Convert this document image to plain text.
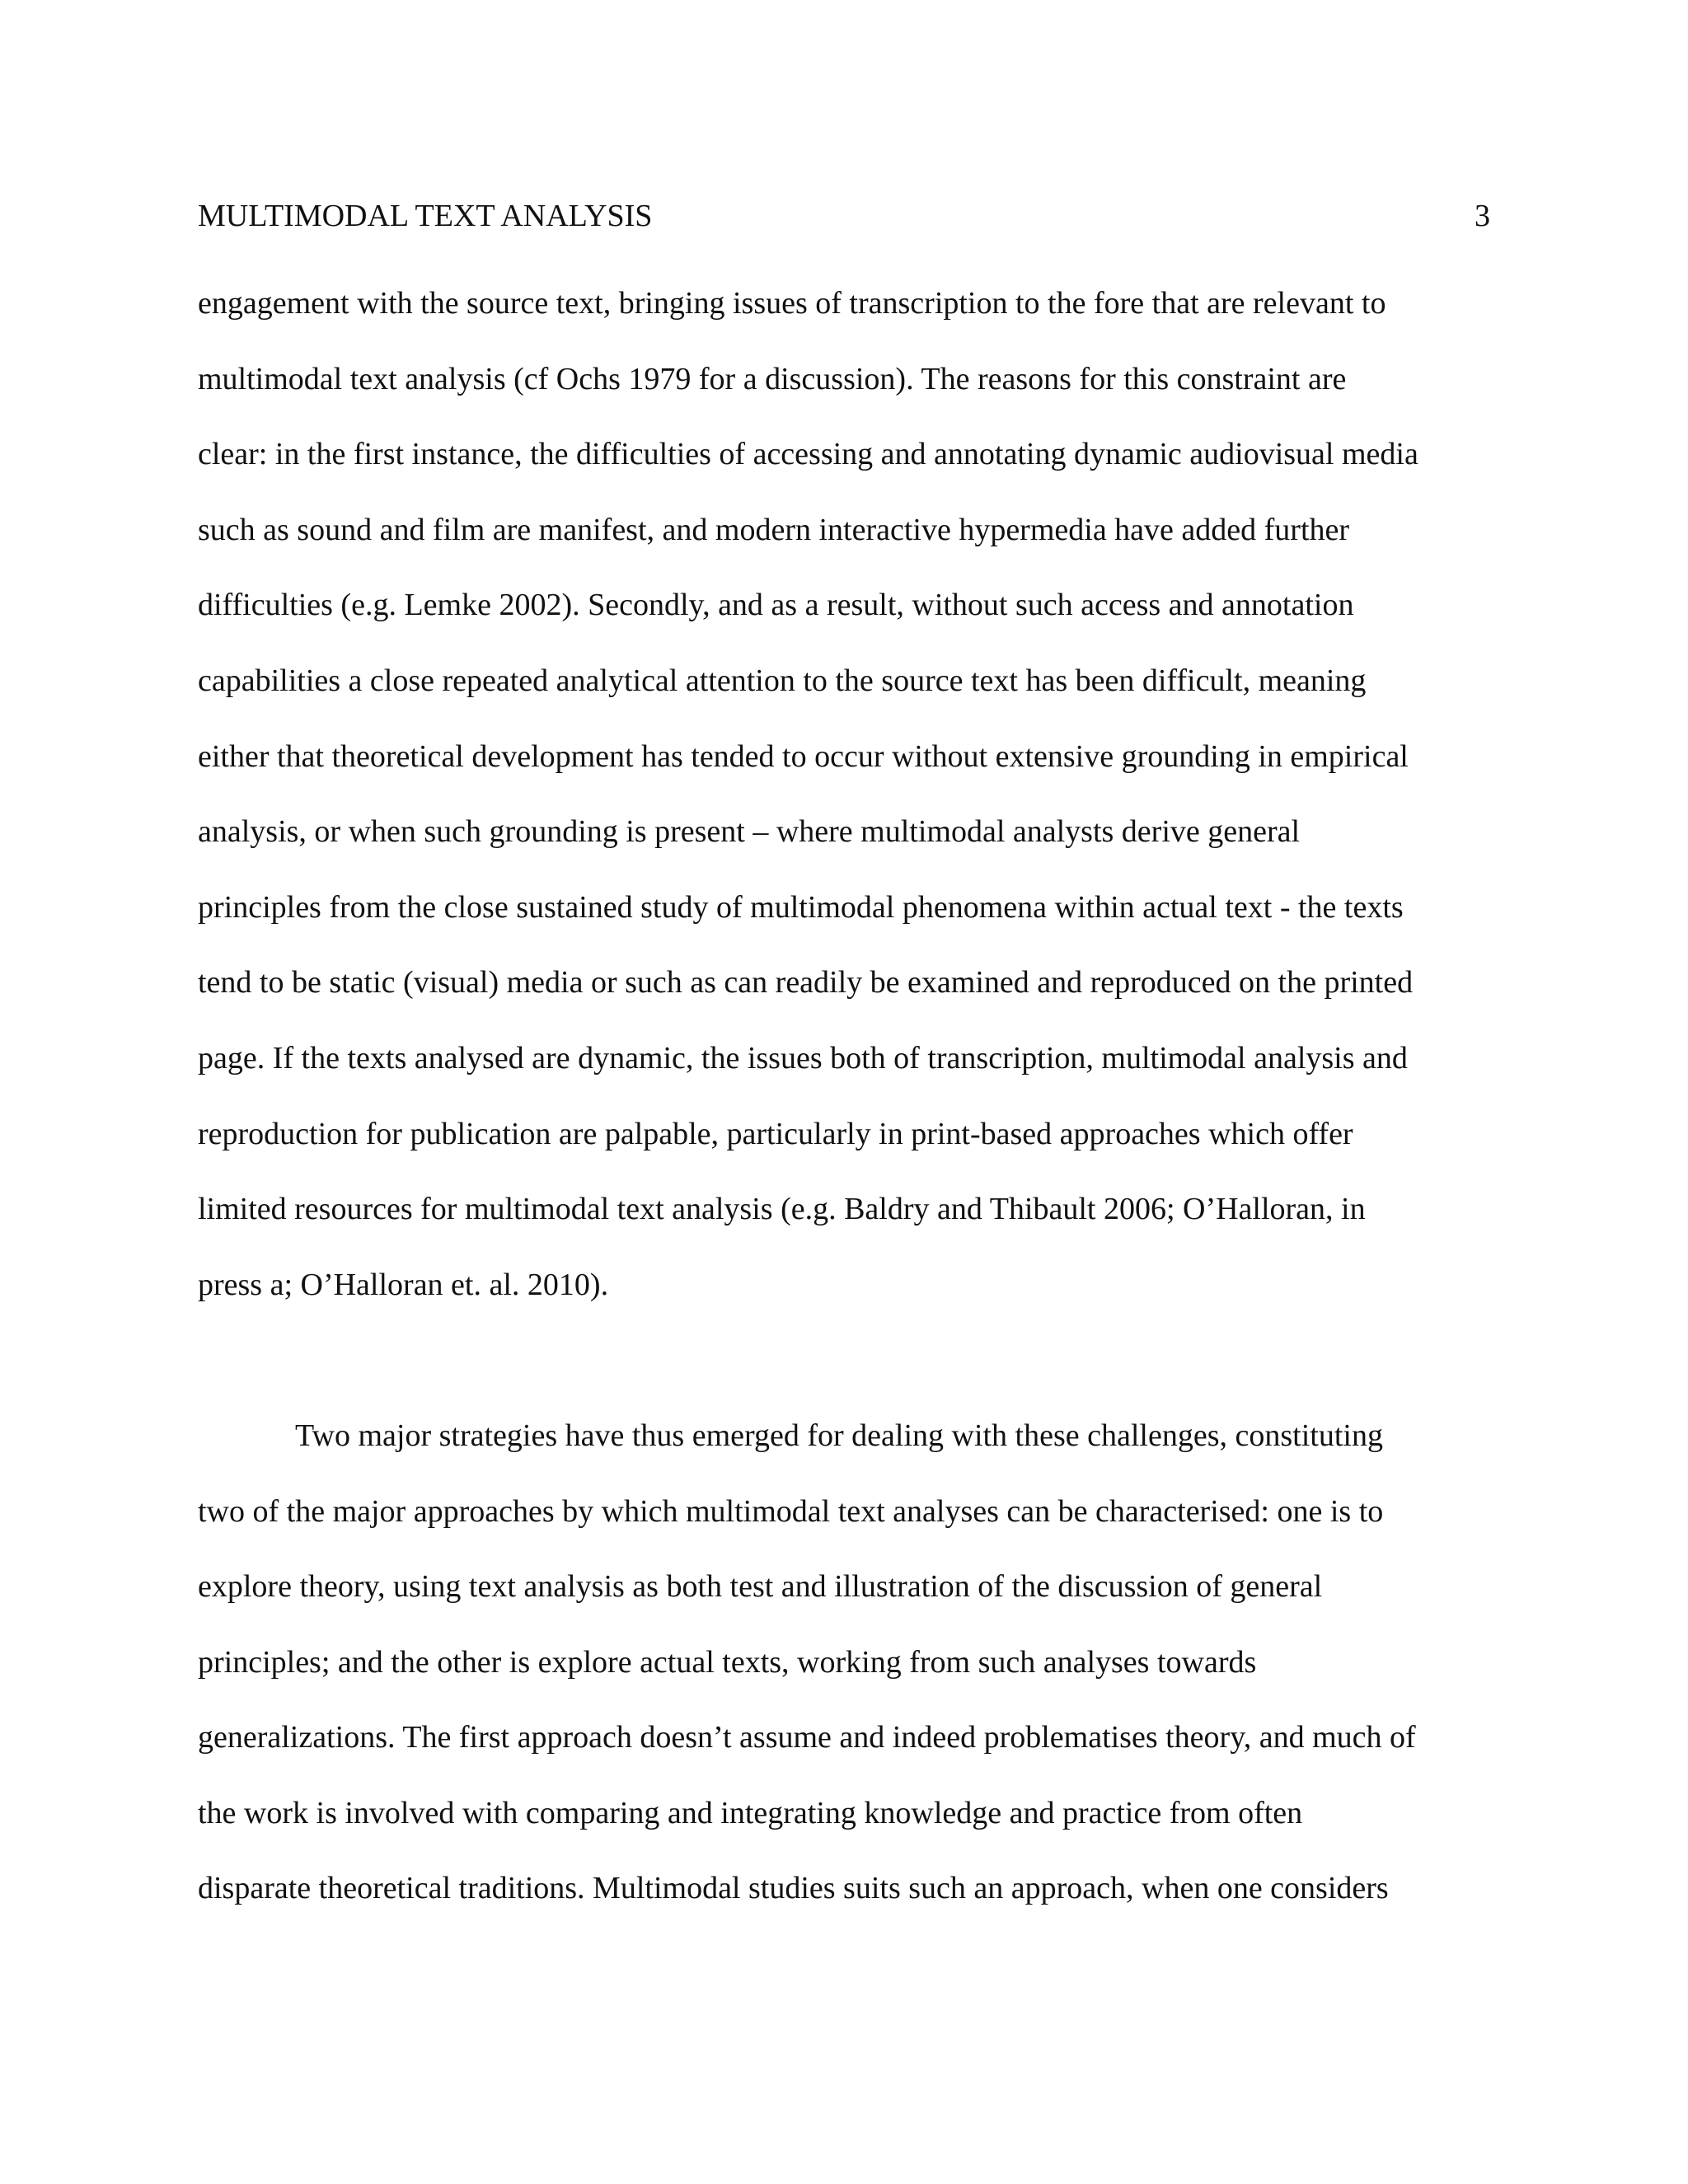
MULTIMODAL TEXT ANALYSIS	3
engagement with the source text, bringing issues of transcription to the fore that are relevant to
multimodal text analysis (cf Ochs 1979 for a discussion). The reasons for this constraint are
clear: in the first instance, the difficulties of accessing and annotating dynamic audiovisual media
such as sound and film are manifest, and modern interactive hypermedia have added further
difficulties (e.g. Lemke 2002). Secondly, and as a result, without such access and annotation
capabilities a close repeated analytical attention to the source text has been difficult, meaning
either that theoretical development has tended to occur without extensive grounding in empirical
analysis, or when such grounding is present – where multimodal analysts derive general
principles from the close sustained study of multimodal phenomena within actual text - the texts
tend to be static (visual) media or such as can readily be examined and reproduced on the printed
page. If the texts analysed are dynamic, the issues both of transcription, multimodal analysis and
reproduction for publication are palpable, particularly in print-based approaches which offer
limited resources for multimodal text analysis (e.g. Baldry and Thibault 2006; O’Halloran, in
press a; O’Halloran et. al. 2010).
Two major strategies have thus emerged for dealing with these challenges, constituting
two of the major approaches by which multimodal text analyses can be characterised: one is to
explore theory, using text analysis as both test and illustration of the discussion of general
principles; and the other is explore actual texts, working from such analyses towards
generalizations. The first approach doesn’t assume and indeed problematises theory, and much of
the work is involved with comparing and integrating knowledge and practice from often
disparate theoretical traditions. Multimodal studies suits such an approach, when one considers
